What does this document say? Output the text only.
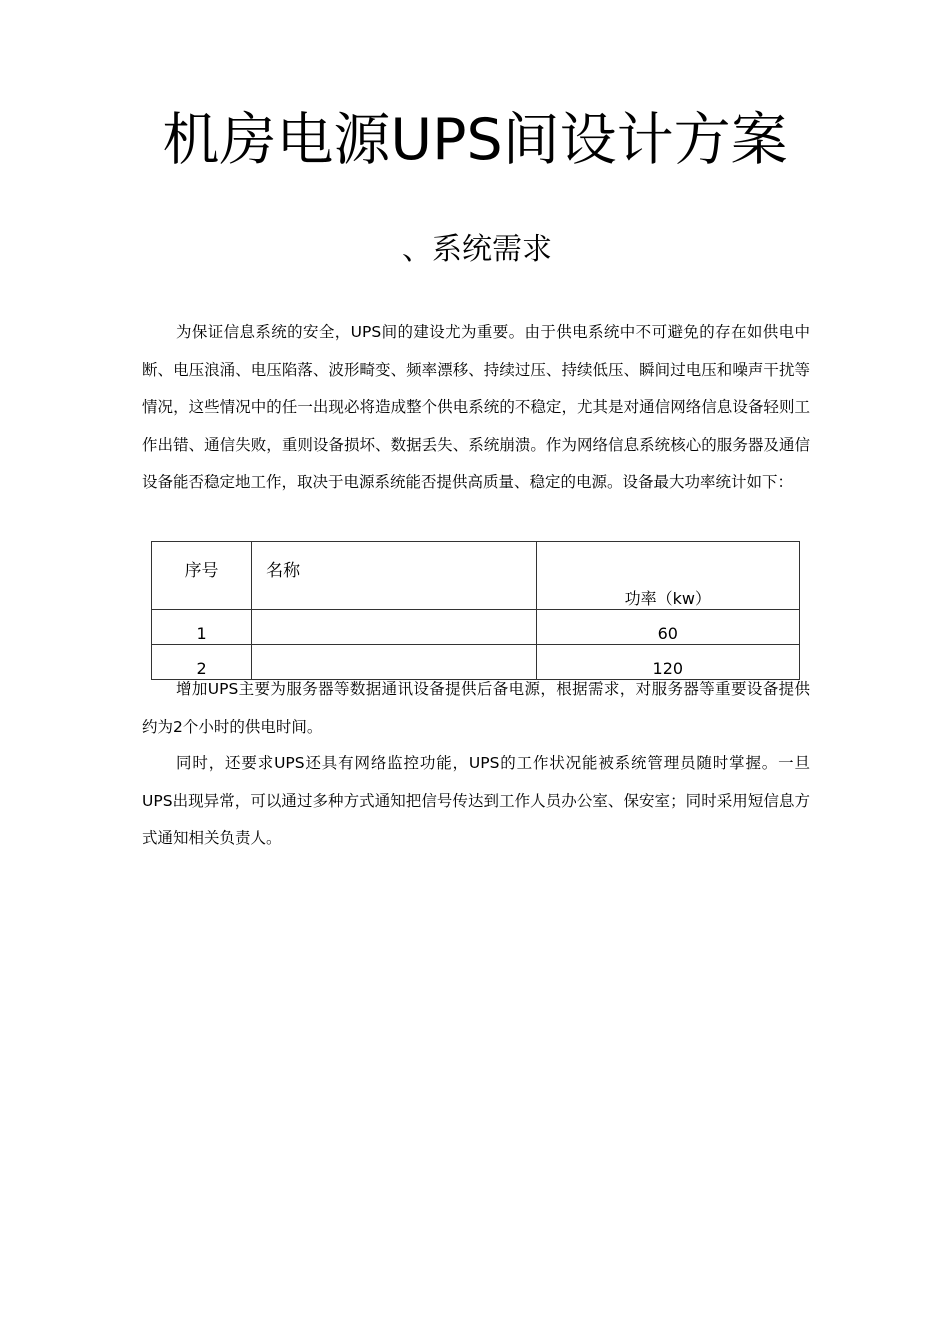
机房电源UPS间设计方案
、系统需求

为保证信息系统的安全，UPS间的建设尤为重要。由于供电系统中不可避免的存在如供电中断、电压浪涌、电压陷落、波形畸变、频率漂移、持续过压、持续低压、瞬间过电压和噪声干扰等情况，这些情况中的任一出现必将造成整个供电系统的不稳定，尤其是对通信网络信息设备轻则工作出错、通信失败，重则设备损坏、数据丢失、系统崩溃。作为网络信息系统核心的服务器及通信设备能否稳定地工作，取决于电源系统能否提供高质量、稳定的电源。设备最大功率统计如下：

序号	名称	功率（kw）
1		60
2		120

增加UPS主要为服务器等数据通讯设备提供后备电源，根据需求，对服务器等重要设备提供约为2个小时的供电时间。

同时，还要求UPS还具有网络监控功能，UPS的工作状况能被系统管理员随时掌握。一旦UPS出现异常，可以通过多种方式通知把信号传达到工作人员办公室、保安室；同时采用短信息方式通知相关负责人。
